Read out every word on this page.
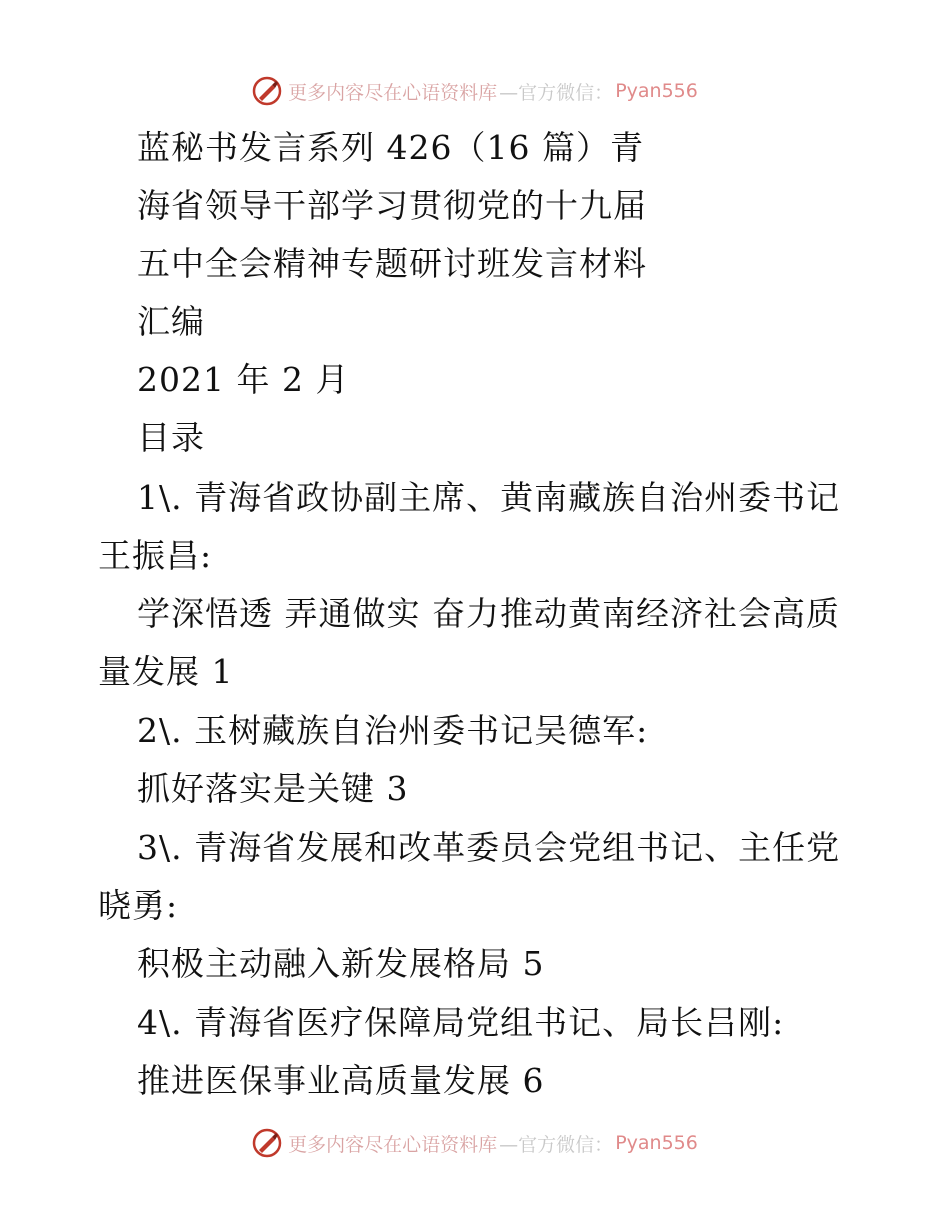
更多内容尽在心语资料库 —官方微信： Pyan556
蓝秘书发言系列 426（16 篇）青
海省领导干部学习贯彻党的十九届
五中全会精神专题研讨班发言材料
汇编
2021 年 2 月
目录
1\. 青海省政协副主席、黄南藏族自治州委书记
王振昌:
学深悟透 弄通做实 奋力推动黄南经济社会高质
量发展 1
2\. 玉树藏族自治州委书记吴德军:
抓好落实是关键 3
3\. 青海省发展和改革委员会党组书记、主任党
晓勇:
积极主动融入新发展格局 5
4\. 青海省医疗保障局党组书记、局长吕刚:
推进医保事业高质量发展 6
更多内容尽在心语资料库 —官方微信： Pyan556
